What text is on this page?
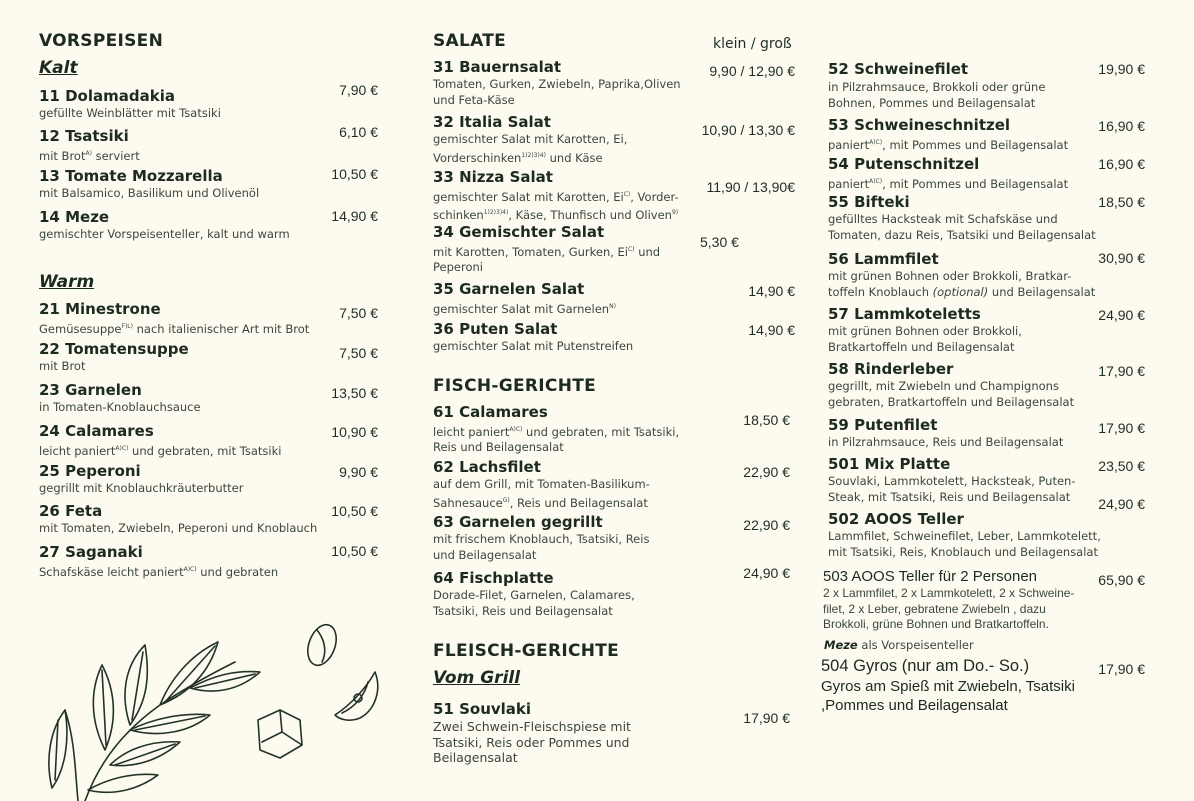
VORSPEISEN
Kalt
11 Dolamadakia
gefüllte Weinblätter mit Tsatsiki
7,90 €
12 Tsatsiki
mit Brot$^{A)}$ serviert
6,10 €
13 Tomate Mozzarella
mit Balsamico, Basilikum und Olivenöl
10,50 €
14 Meze
gemischter Vorspeisenteller, kalt und warm
14,90 €
Warm
21 Minestrone
Gemüsesuppe$^{F)L)}$ nach italienischer Art mit Brot
7,50 €
22 Tomatensuppe
mit Brot
7,50 €
23 Garnelen
in Tomaten-Knoblauchsauce
13,50 €
24 Calamares
leicht paniert$^{A)C)}$ und gebraten, mit Tsatsiki
10,90 €
25 Peperoni
gegrillt mit Knoblauchkräuterbutter
9,90 €
26 Feta
mit Tomaten, Zwiebeln, Peperoni und Knoblauch
10,50 €
27 Saganaki
Schafskäse leicht paniert$^{A)C)}$ und gebraten
10,50 €
SALATE	klein / groß
31 Bauernsalat
Tomaten, Gurken, Zwiebeln, Paprika,Oliven
und Feta-Käse
9,90 / 12,90 €
32 Italia Salat
gemischter Salat mit Karotten, Ei,
Vorderschinken$^{1)2)3)4)}$ und Käse
10,90 / 13,30 €
33 Nizza Salat
gemischter Salat mit Karotten, $Ei^{C)}$, Vorder-
schinken$^{1)2)3)4)}$, Käse, Thunfisch und Oliven$^{9)}$
11,90 / 13,90€
34 Gemischter Salat
mit Karotten, Tomaten, Gurken, $Ei^{C)}$ und
Peperoni
5,30 €
35 Garnelen Salat
gemischter Salat mit Garnelen$^{N)}$
14,90 €
36 Puten Salat
gemischter Salat mit Putenstreifen
14,90 €
FISCH-GERICHTE
61 Calamares
leicht paniert$^{A)C)}$ und gebraten, mit Tsatsiki,
Reis und Beilagensalat
18,50 €
62 Lachsfilet
auf dem Grill, mit Tomaten-Basilikum-
Sahnesauce$^{G)}$, Reis und Beilagensalat
22,90 €
63 Garnelen gegrillt
mit frischem Knoblauch, Tsatsiki, Reis
und Beilagensalat
22,90 €
64 Fischplatte
Dorade-Filet, Garnelen, Calamares,
Tsatsiki, Reis und Beilagensalat
24,90 €
FLEISCH-GERICHTE
Vom Grill
51 Souvlaki
Zwei Schwein-Fleischspiese mit
Tsatsiki, Reis oder Pommes und
Beilagensalat
17,90 €
52 Schweinefilet
in Pilzrahmsauce, Brokkoli oder grüne
Bohnen, Pommes und Beilagensalat
19,90 €
53 Schweineschnitzel
paniert$^{A)C)}$, mit Pommes und Beilagensalat
16,90 €
54 Putenschnitzel
paniert$^{A)C)}$, mit Pommes und Beilagensalat
16,90 €
55 Bifteki
gefülltes Hacksteak mit Schafskäse und
Tomaten, dazu Reis, Tsatsiki und Beilagensalat
18,50 €
56 Lammfilet
mit grünen Bohnen oder Brokkoli, Bratkar-
toffeln Knoblauch (optional) und Beilagensalat
30,90 €
57 Lammkoteletts
mit grünen Bohnen oder Brokkoli,
Bratkartoffeln und Beilagensalat
24,90 €
58 Rinderleber
gegrillt, mit Zwiebeln und Champignons
gebraten, Bratkartoffeln und Beilagensalat
17,90 €
59 Putenfilet
in Pilzrahmsauce, Reis und Beilagensalat
17,90 €
501 Mix Platte
Souvlaki, Lammkotelett, Hacksteak, Puten-
Steak, mit Tsatsiki, Reis und Beilagensalat
23,50 €
24,90 €
502 AOOS Teller
Lammfilet, Schweinefilet, Leber, Lammkotelett,
mit Tsatsiki, Reis, Knoblauch und Beilagensalat
503 AOOS Teller für 2 Personen
2 x Lammfilet, 2 x Lammkotelett, 2 x Schweine-
filet, 2 x Leber, gebratene Zwiebeln , dazu
Brokkoli, grüne Bohnen und Bratkartoffeln.
65,90 €
Meze als Vorspeisenteller
504 Gyros (nur am Do.- So.)
Gyros am Spieß mit Zwiebeln, Tsatsiki
,Pommes und Beilagensalat
17,90 €
